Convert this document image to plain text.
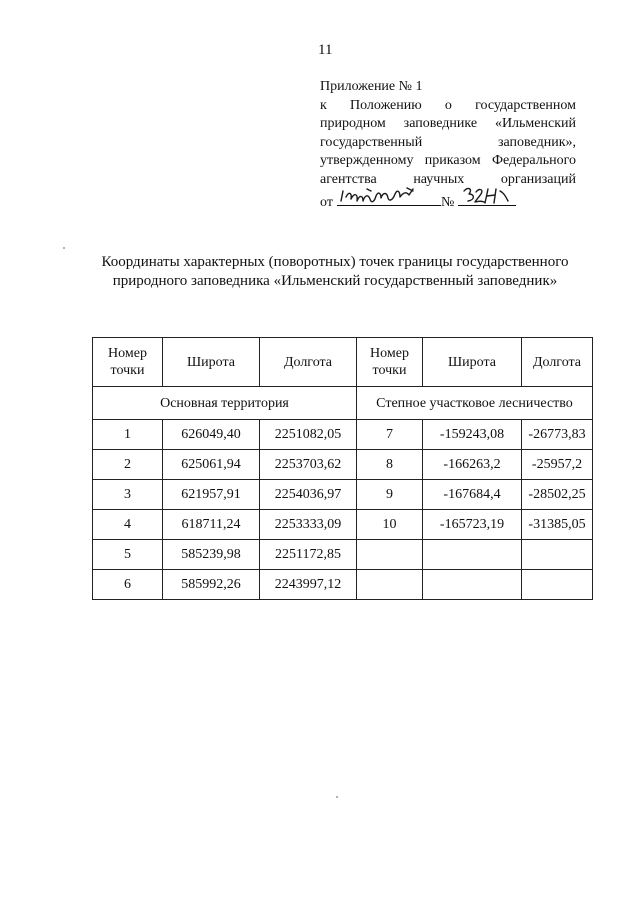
11
Приложение № 1
к Положению о государственном
природном заповеднике «Ильменский
государственный заповедник»,
утвержденному приказом Федерального
агентства научных организаций
от	№
Координаты характерных (поворотных) точек границы государственного природного заповедника «Ильменский государственный заповедник»
Номер точки	Широта	Долгота	Номер точки	Широта	Долгота
Основная территория			Степное участковое лесничество		
1	626049,40	2251082,05	7	-159243,08	-26773,83
2	625061,94	2253703,62	8	-166263,2	-25957,2
3	621957,91	2254036,97	9	-167684,4	-28502,25
4	618711,24	2253333,09	10	-165723,19	-31385,05
5	585239,98	2251172,85			
6	585992,26	2243997,12			
